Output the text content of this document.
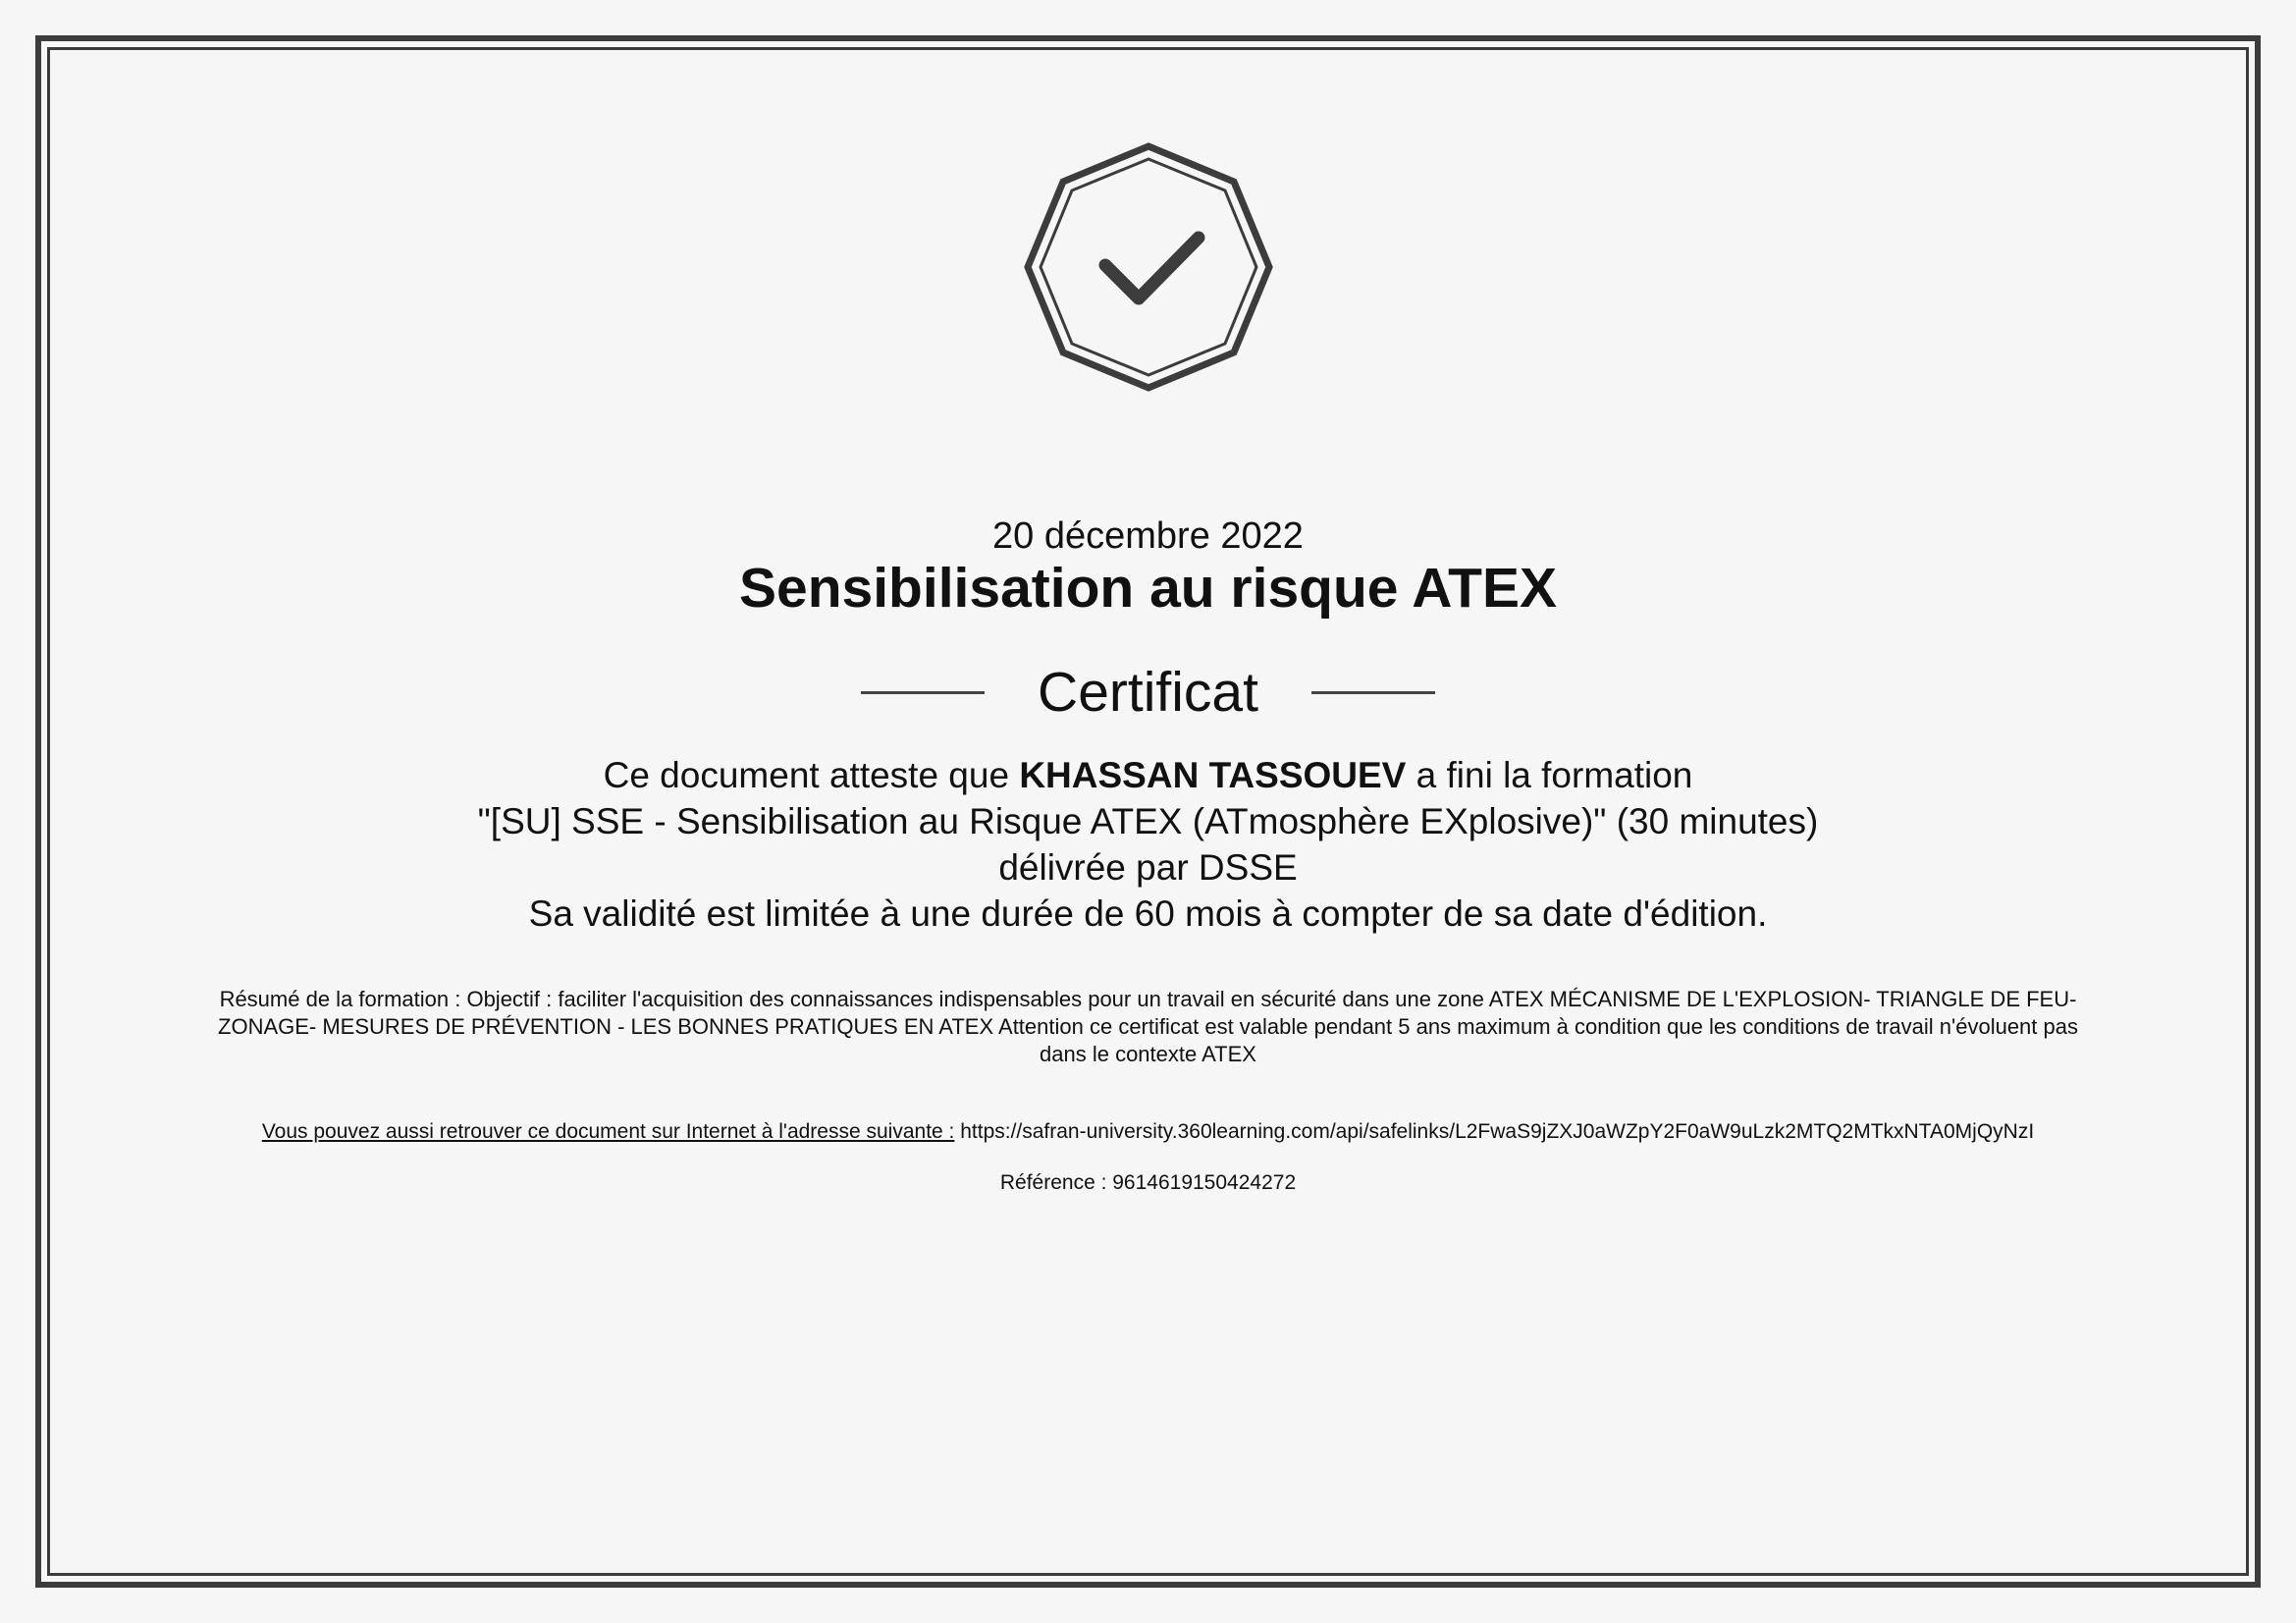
20 décembre 2022
Sensibilisation au risque ATEX
Certificat
Ce document atteste que KHASSAN TASSOUEV a fini la formation
"[SU] SSE - Sensibilisation au Risque ATEX (ATmosphère EXplosive)" (30 minutes)
délivrée par DSSE
Sa validité est limitée à une durée de 60 mois à compter de sa date d'édition.
Résumé de la formation : Objectif : faciliter l'acquisition des connaissances indispensables pour un travail en sécurité dans une zone ATEX MÉCANISME DE L'EXPLOSION- TRIANGLE DE FEU- ZONAGE- MESURES DE PRÉVENTION - LES BONNES PRATIQUES EN ATEX Attention ce certificat est valable pendant 5 ans maximum à condition que les conditions de travail n'évoluent pas dans le contexte ATEX
Vous pouvez aussi retrouver ce document sur Internet à l'adresse suivante : https://safran-university.360learning.com/api/safelinks/L2FwaS9jZXJ0aWZpY2F0aW9uLzk2MTQ2MTkxNTA0MjQyNzI
Référence : 9614619150424272
